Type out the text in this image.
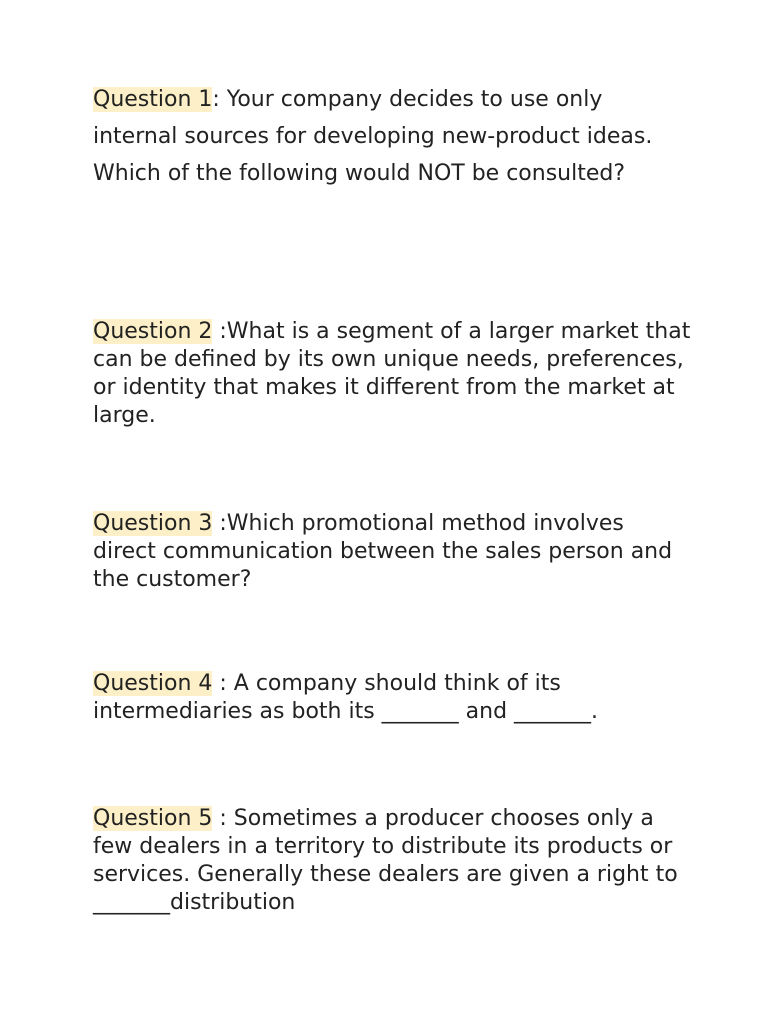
Question 1: Your company decides to use only internal sources for developing new-product ideas. Which of the following would NOT be consulted?

Question 2 :What is a segment of a larger market that can be defined by its own unique needs, preferences, or identity that makes it different from the market at large.

Question 3 :Which promotional method involves direct communication between the sales person and the customer?

Question 4 : A company should think of its intermediaries as both its _______ and _______.

Question 5 : Sometimes a producer chooses only a few dealers in a territory to distribute its products or services. Generally these dealers are given a right to _______distribution
